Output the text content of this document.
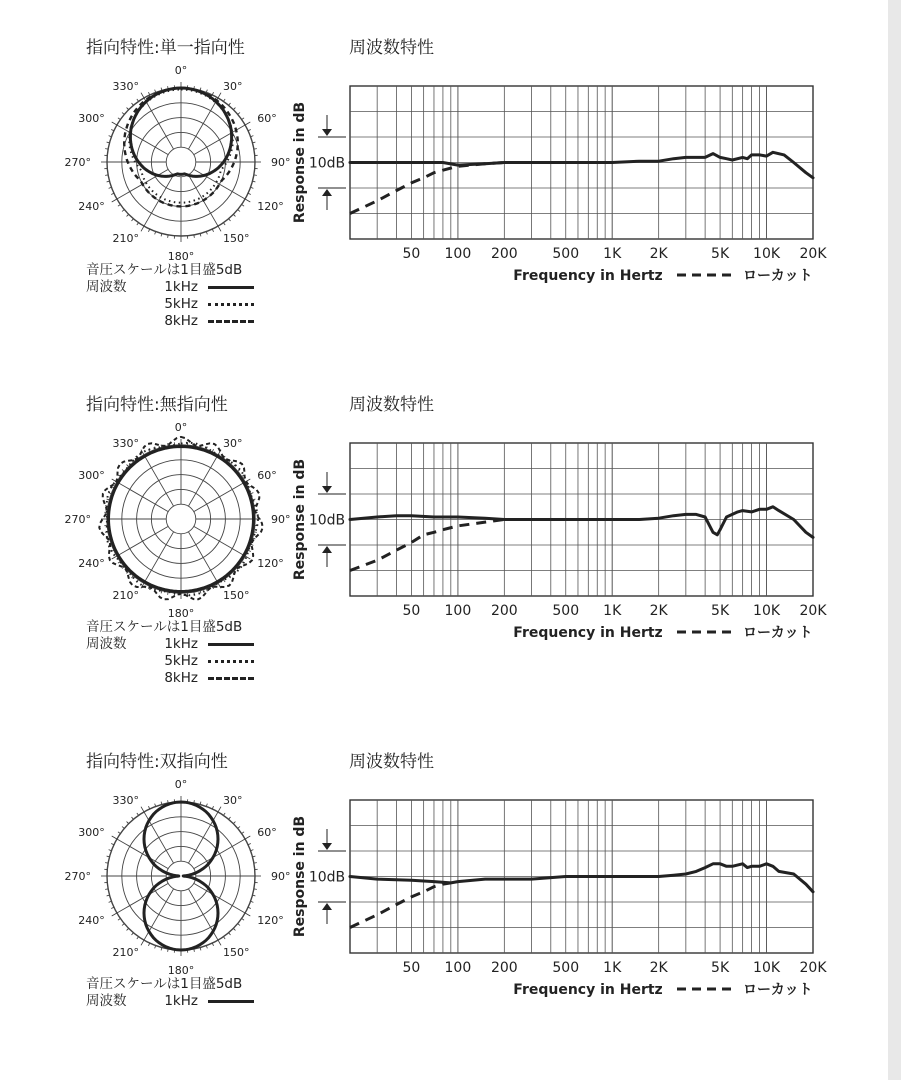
指向特性:単一指向性	周波数特性
0°
30°
60°
90°
120°
150°
180°
210°
240°
270°
300°
330°
50 100 200 500 1K 2K	5K 10K 20K
Frequency in Hertz	ローカット
Response in dB 10dB
音圧スケールは1目盛5dB
周波数	1kHz
5kHz
8kHz
指向特性:無指向性	周波数特性
0°
30°
60°
90°
120°
150°
180°
210°
240°
270°
300°
330°
50 100 200 500 1K 2K	5K 10K 20K
Frequency in Hertz	ローカット
Response in dB 10dB
音圧スケールは1目盛5dB
周波数	1kHz
5kHz
8kHz
指向特性:双指向性	周波数特性
0°
30°
60°
90°
120°
150°
180°
210°
240°
270°
300°
330°
50 100 200 500 1K 2K	5K 10K 20K
Frequency in Hertz	ローカット
Response in dB 10dB
音圧スケールは1目盛5dB
周波数	1kHz
